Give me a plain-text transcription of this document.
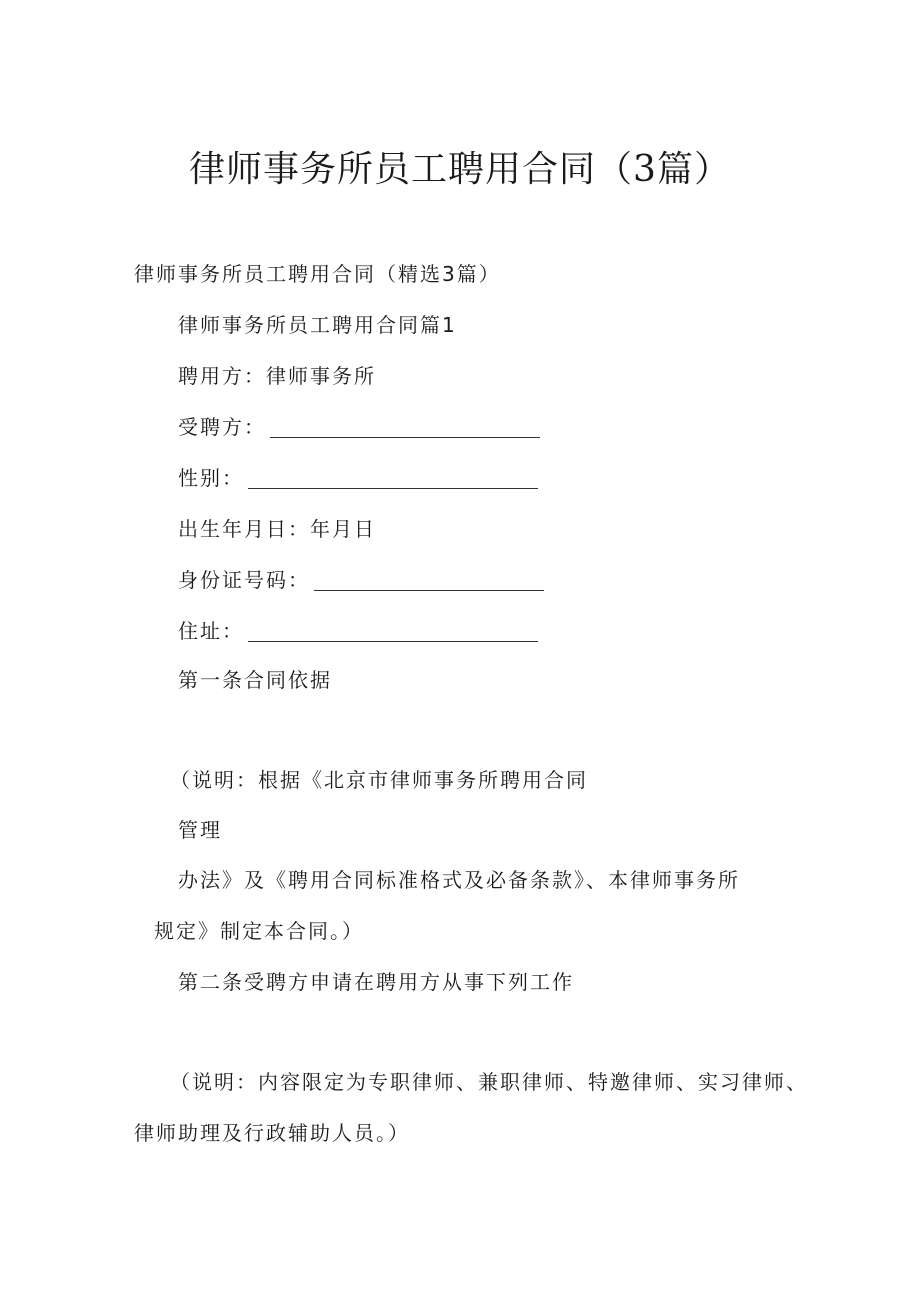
律师事务所员工聘用合同（3篇）
律师事务所员工聘用合同（精选3篇）
律师事务所员工聘用合同篇1
聘用方：律师事务所
受聘方：
性别：
出生年月日：年月日
身份证号码：
住址：
第一条合同依据
（说明：根据《北京市律师事务所聘用合同
管理
办法》及《聘用合同标准格式及必备条款》、本律师事务所
规定》制定本合同。）
第二条受聘方申请在聘用方从事下列工作
（说明：内容限定为专职律师、兼职律师、特邀律师、实习律师、
律师助理及行政辅助人员。）
